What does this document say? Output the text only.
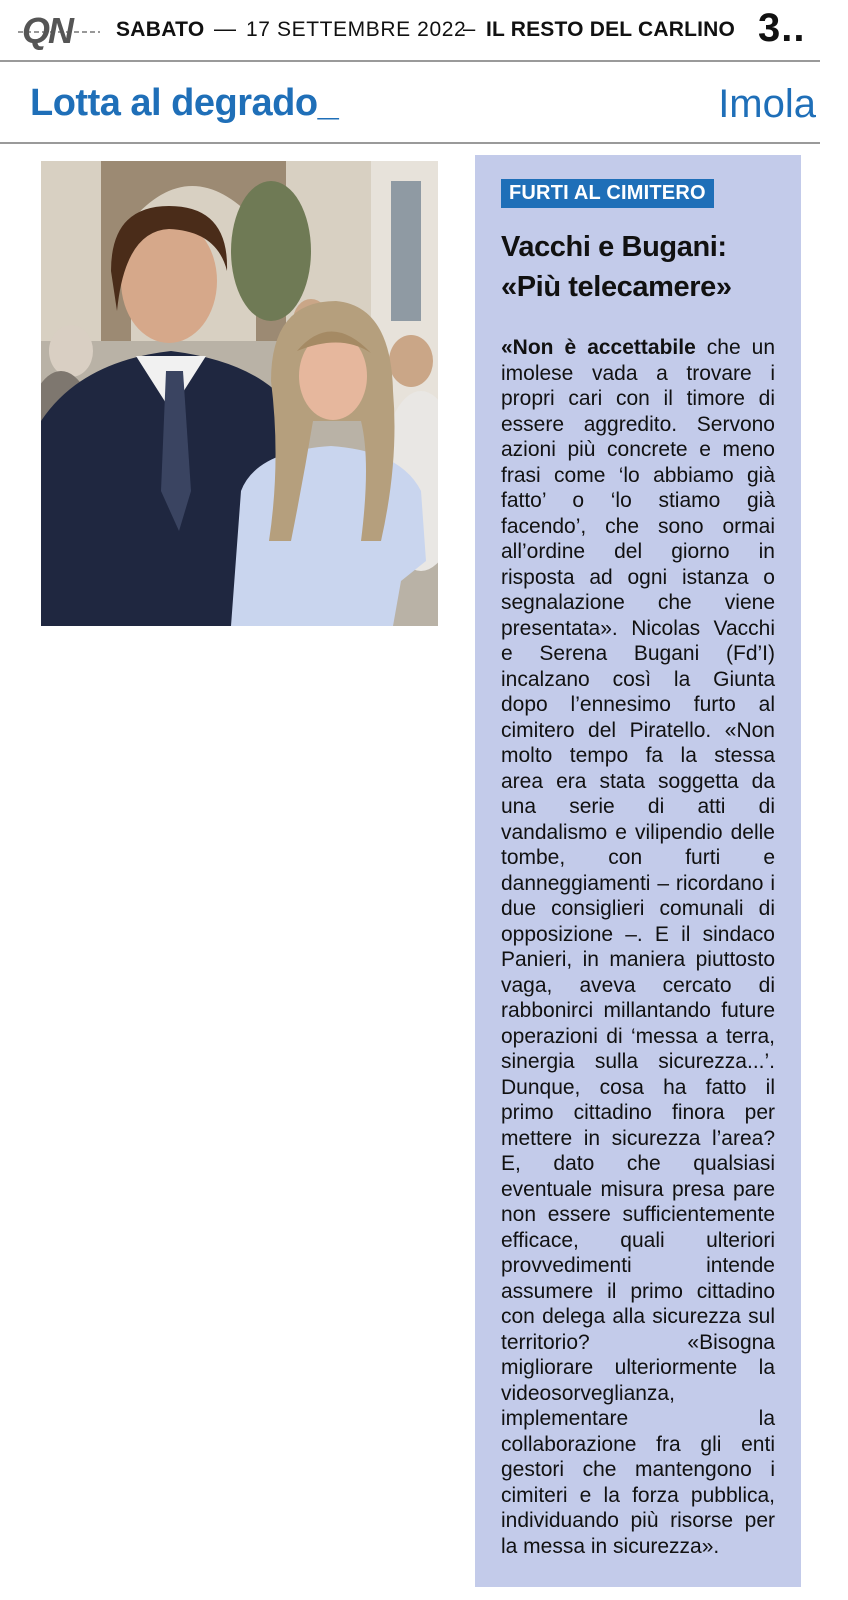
QN SABATO — 17 SETTEMBRE 2022
– IL RESTO DEL CARLINO 3..
Lotta al degrado_	Imola
FURTI AL CIMITERO
Vacchi e Bugani: «Più telecamere»

«Non è accettabile che un imolese vada a trovare i propri cari con il timore di essere aggredito. Servono azioni più concrete e meno frasi come ‘lo abbiamo già fatto’ o ‘lo stiamo già facendo’, che sono ormai all’ordine del giorno in risposta ad ogni istanza o segnalazione che viene presentata». Nicolas Vacchi e Serena Bugani (Fd’I) incalzano così la Giunta dopo l’ennesimo furto al cimitero del Piratello. «Non molto tempo fa la stessa area era stata soggetta da una serie di atti di vandalismo e vilipendio delle tombe, con furti e danneggiamenti – ricordano i due consiglieri comunali di opposizione –. E il sindaco Panieri, in maniera piuttosto vaga, aveva cercato di rabbonirci millantando future operazioni di ‘messa a terra, sinergia sulla sicurezza...’. Dunque, cosa ha fatto il primo cittadino finora per mettere in sicurezza l’area? E, dato che qualsiasi eventuale misura presa pare non essere sufficientemente efficace, quali ulteriori provvedimenti intende assumere il primo cittadino con delega alla sicurezza sul territorio? «Bisogna migliorare ulteriormente la videosorveglianza, implementare la collaborazione fra gli enti gestori che mantengono i cimiteri e la forza pubblica, individuando più risorse per la messa in sicurezza».
